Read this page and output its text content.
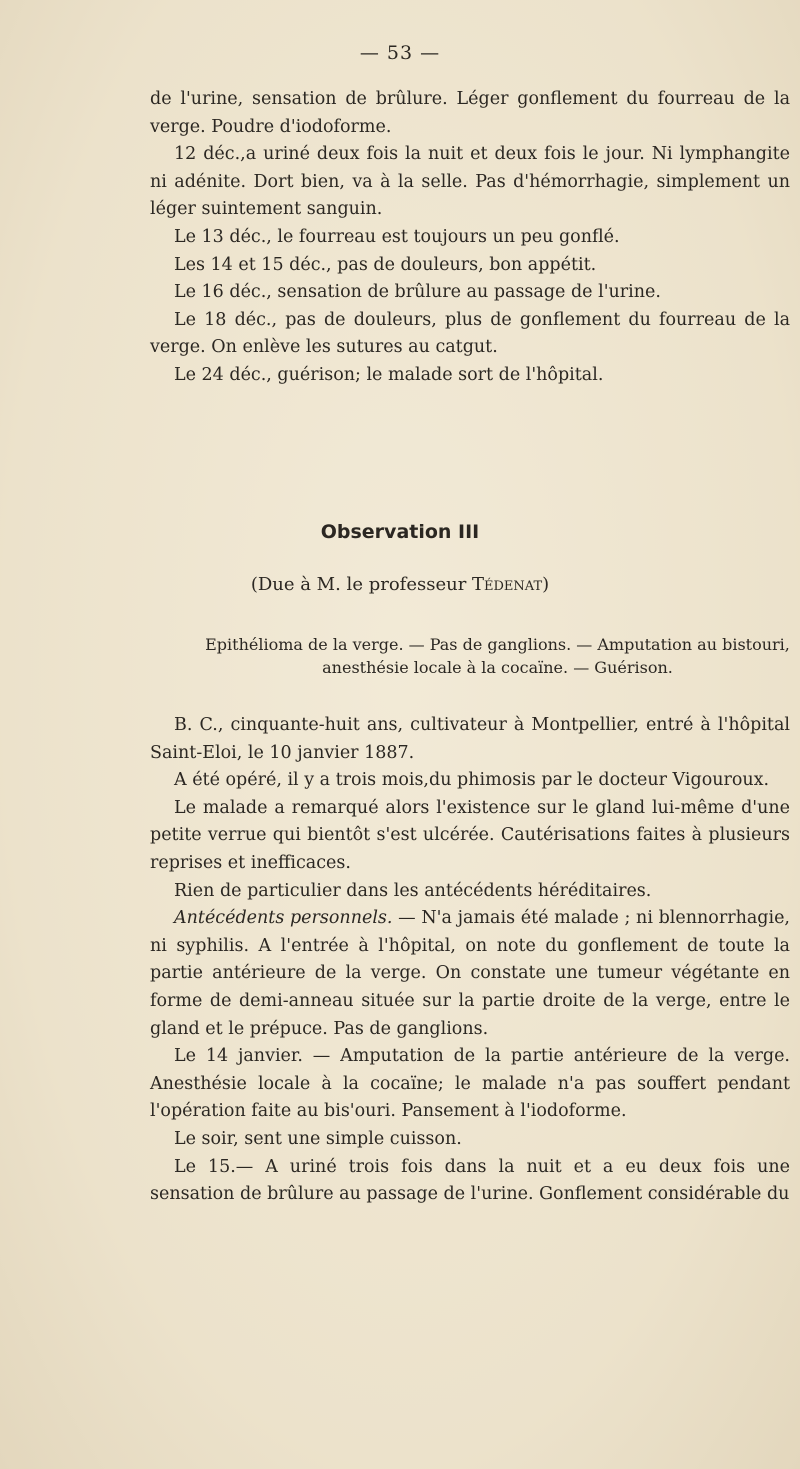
— 53 —

de l'urine, sensation de brûlure. Léger gonflement du fourreau de la verge. Poudre d'iodoforme.

12 déc.,a uriné deux fois la nuit et deux fois le jour. Ni lymphangite ni adénite. Dort bien, va à la selle. Pas d'hémorrhagie, simplement un léger suintement sanguin.

Le 13 déc., le fourreau est toujours un peu gonflé.

Les 14 et 15 déc., pas de douleurs, bon appétit.

Le 16 déc., sensation de brûlure au passage de l'urine.

Le 18 déc., pas de douleurs, plus de gonflement du fourreau de la verge. On enlève les sutures au catgut.

Le 24 déc., guérison; le malade sort de l'hôpital.

Observation III
(Due à M. le professeur Tédenat)

Epithélioma de la verge. — Pas de ganglions. — Amputation au bistouri,

anesthésie locale à la cocaïne. — Guérison.

B. C., cinquante-huit ans, cultivateur à Montpellier, entré à l'hôpital Saint-Eloi, le 10 janvier 1887.

A été opéré, il y a trois mois,du phimosis par le docteur Vigouroux.

Le malade a remarqué alors l'existence sur le gland lui-même d'une petite verrue qui bientôt s'est ulcérée. Cautérisations faites à plusieurs reprises et inefficaces.

Rien de particulier dans les antécédents héréditaires.

Antécédents personnels. — N'a jamais été malade ; ni blennorrhagie, ni syphilis. A l'entrée à l'hôpital, on note du gonflement de toute la partie antérieure de la verge. On constate une tumeur végétante en forme de demi-anneau située sur la partie droite de la verge, entre le gland et le prépuce. Pas de ganglions.

Le 14 janvier. — Amputation de la partie antérieure de la verge. Anesthésie locale à la cocaïne; le malade n'a pas souffert pendant l'opération faite au bis'ouri. Pansement à l'iodoforme.

Le soir, sent une simple cuisson.

Le 15.— A uriné trois fois dans la nuit et a eu deux fois une sensation de brûlure au passage de l'urine. Gonflement considérable du
